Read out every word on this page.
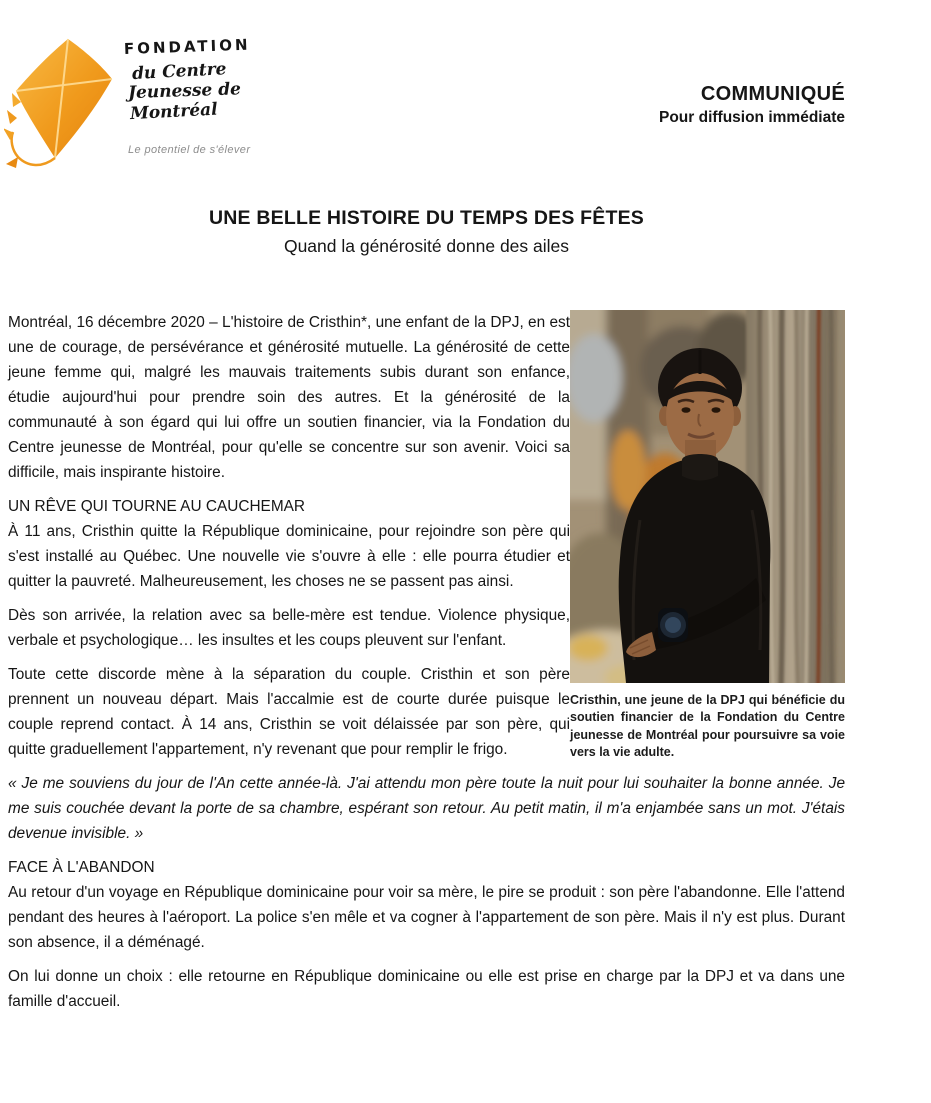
FONDATION
du Centre
Jeunesse de
Montréal
Le potentiel de s'élever
COMMUNIQUÉ
Pour diffusion immédiate
UNE BELLE HISTOIRE DU TEMPS DES FÊTES
Quand la générosité donne des ailes
Cristhin, une jeune de la DPJ qui bénéficie du soutien financier de la Fondation du Centre jeunesse de Montréal pour poursuivre sa voie vers la vie adulte.

Montréal, 16 décembre 2020 – L'histoire de Cristhin*, une enfant de la DPJ, en est une de courage, de persévérance et générosité mutuelle. La générosité de cette jeune femme qui, malgré les mauvais traitements subis durant son enfance, étudie aujourd'hui pour prendre soin des autres. Et la générosité de la communauté à son égard qui lui offre un soutien financier, via la Fondation du Centre jeunesse de Montréal, pour qu'elle se concentre sur son avenir. Voici sa difficile, mais inspirante histoire.

UN RÊVE QUI TOURNE AU CAUCHEMAR

À 11 ans, Cristhin quitte la République dominicaine, pour rejoindre son père qui s'est installé au Québec. Une nouvelle vie s'ouvre à elle : elle pourra étudier et quitter la pauvreté. Malheureusement, les choses ne se passent pas ainsi.

Dès son arrivée, la relation avec sa belle-mère est tendue. Violence physique, verbale et psychologique… les insultes et les coups pleuvent sur l'enfant.

Toute cette discorde mène à la séparation du couple. Cristhin et son père prennent un nouveau départ. Mais l'accalmie est de courte durée puisque le couple reprend contact. À 14 ans, Cristhin se voit délaissée par son père, qui quitte graduellement l'appartement, n'y revenant que pour remplir le frigo.

« Je me souviens du jour de l'An cette année-là. J'ai attendu mon père toute la nuit pour lui souhaiter la bonne année. Je me suis couchée devant la porte de sa chambre, espérant son retour. Au petit matin, il m'a enjambée sans un mot. J'étais devenue invisible. »

FACE À L'ABANDON

Au retour d'un voyage en République dominicaine pour voir sa mère, le pire se produit : son père l'abandonne. Elle l'attend pendant des heures à l'aéroport. La police s'en mêle et va cogner à l'appartement de son père. Mais il n'y est plus. Durant son absence, il a déménagé.

On lui donne un choix : elle retourne en République dominicaine ou elle est prise en charge par la DPJ et va dans une famille d'accueil.
